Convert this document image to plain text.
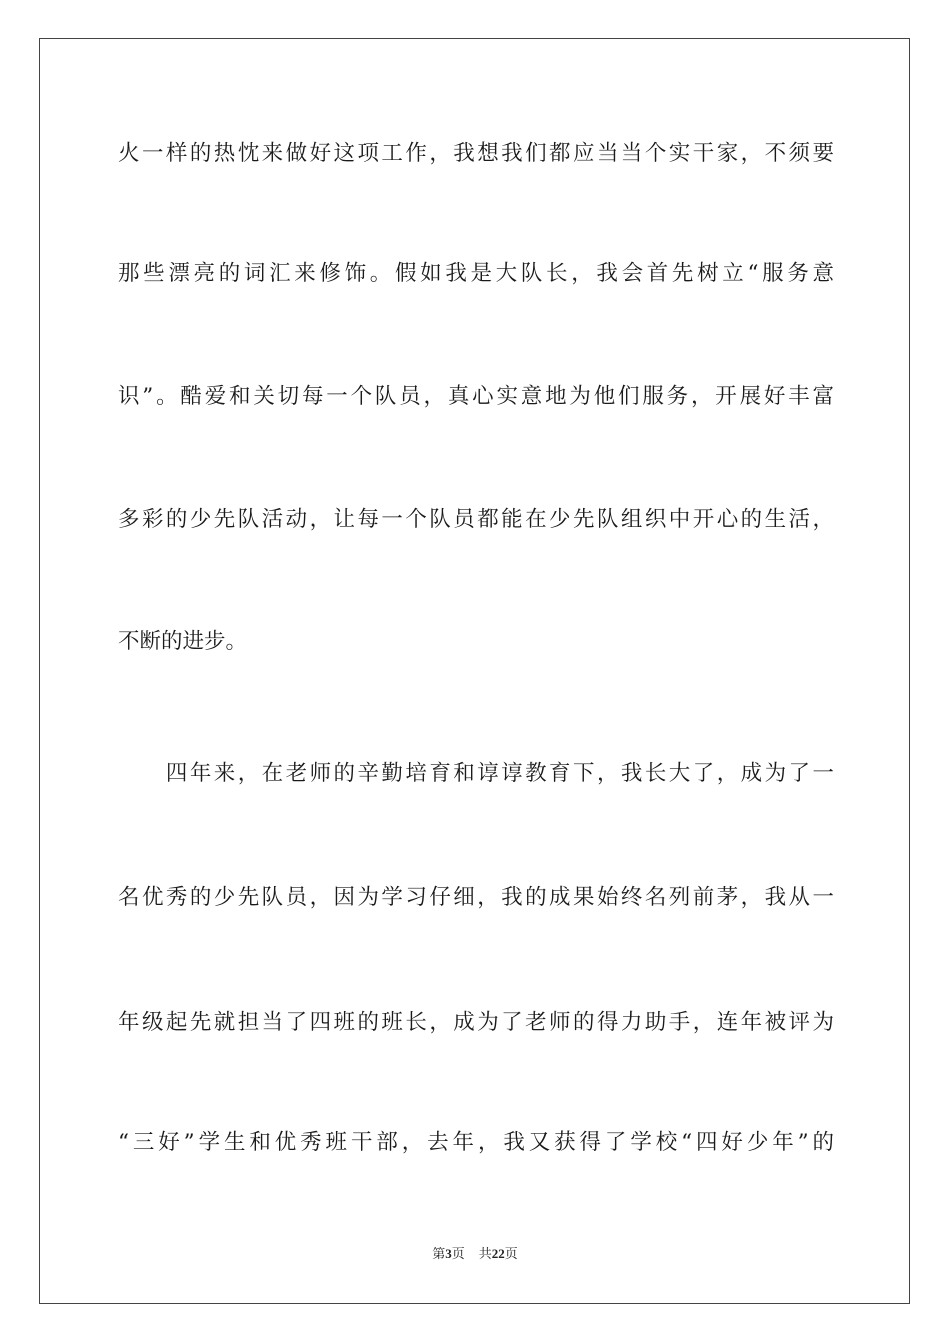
火一样的热忱来做好这项工作，我想我们都应当当个实干家，不须要
那些漂亮的词汇来修饰。假如我是大队长，我会首先树立“服务意
识”。酷爱和关切每一个队员，真心实意地为他们服务，开展好丰富
多彩的少先队活动，让每一个队员都能在少先队组织中开心的生活，
不断的进步。
　　四年来，在老师的辛勤培育和谆谆教育下，我长大了，成为了一
名优秀的少先队员，因为学习仔细，我的成果始终名列前茅，我从一
年级起先就担当了四班的班长，成为了老师的得力助手，连年被评为
“三好”学生和优秀班干部，去年，我又获得了学校“四好少年”的
第3页 共22页
